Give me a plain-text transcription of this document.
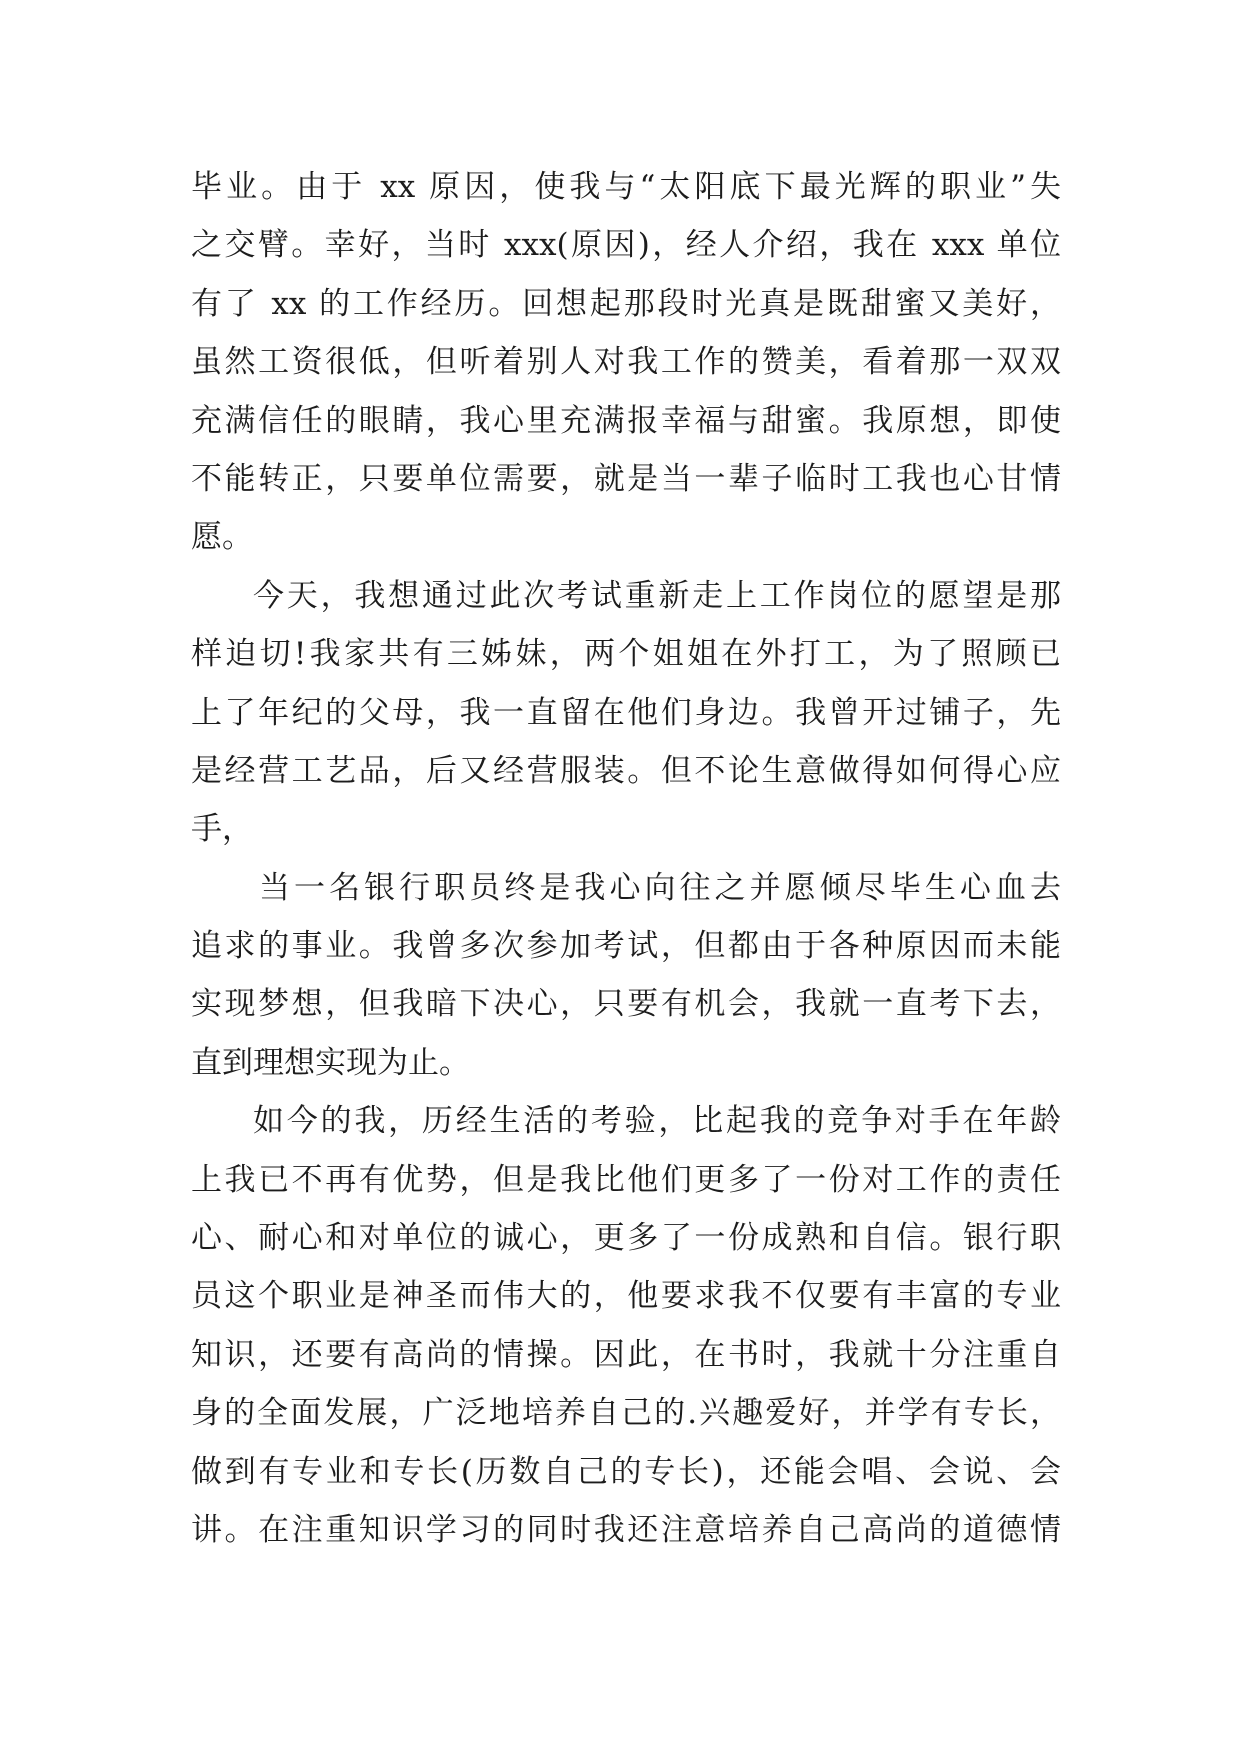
毕业。由于 xx 原因，使我与“太阳底下最光辉的职业”失
之交臂。幸好，当时 xxx(原因)，经人介绍，我在 xxx 单位
有了 xx 的工作经历。回想起那段时光真是既甜蜜又美好，
虽然工资很低，但听着别人对我工作的赞美，看着那一双双
充满信任的眼睛，我心里充满报幸福与甜蜜。我原想，即使
不能转正，只要单位需要，就是当一辈子临时工我也心甘情
愿。
今天，我想通过此次考试重新走上工作岗位的愿望是那
样迫切!我家共有三姊妹，两个姐姐在外打工，为了照顾已
上了年纪的父母，我一直留在他们身边。我曾开过铺子，先
是经营工艺品，后又经营服装。但不论生意做得如何得心应
手，
当一名银行职员终是我心向往之并愿倾尽毕生心血去
追求的事业。我曾多次参加考试，但都由于各种原因而未能
实现梦想，但我暗下决心，只要有机会，我就一直考下去，
直到理想实现为止。
如今的我，历经生活的考验，比起我的竞争对手在年龄
上我已不再有优势，但是我比他们更多了一份对工作的责任
心、耐心和对单位的诚心，更多了一份成熟和自信。银行职
员这个职业是神圣而伟大的，他要求我不仅要有丰富的专业
知识，还要有高尚的情操。因此，在书时，我就十分注重自
身的全面发展，广泛地培养自己的.兴趣爱好，并学有专长，
做到有专业和专长(历数自己的专长)，还能会唱、会说、会
讲。在注重知识学习的同时我还注意培养自己高尚的道德情
